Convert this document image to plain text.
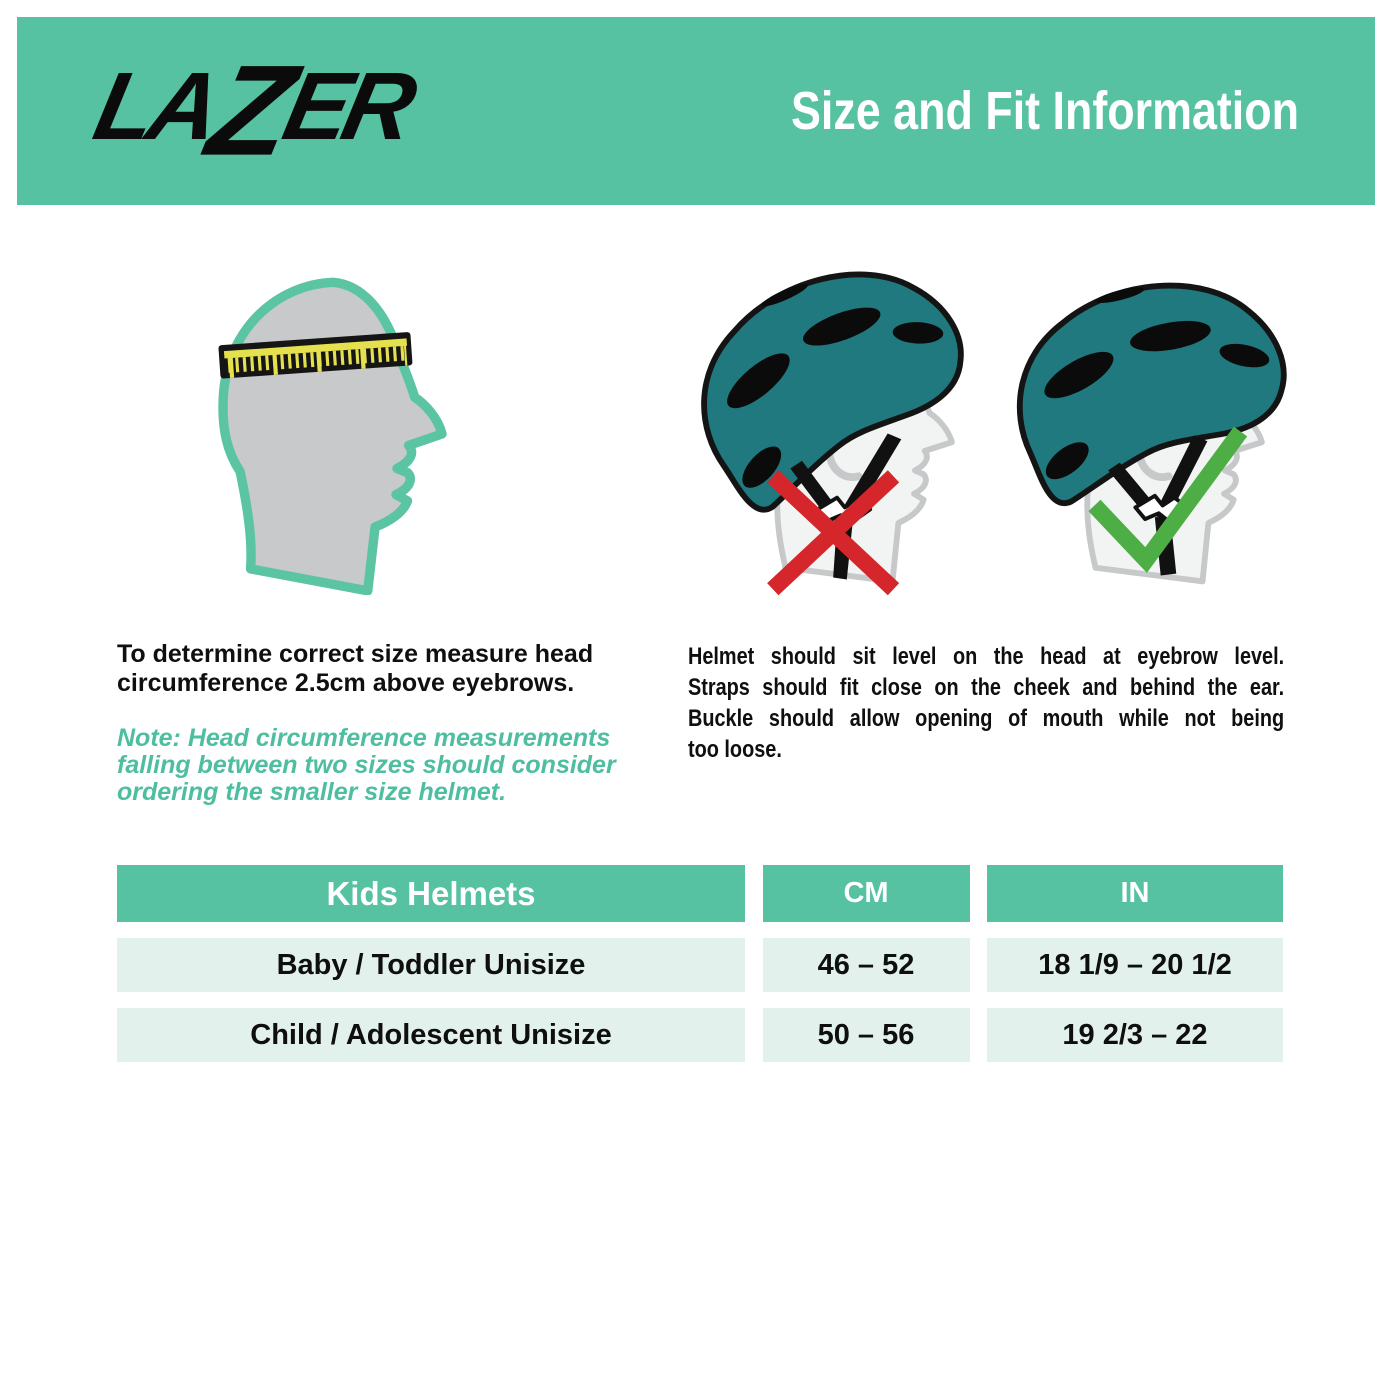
LAZER	Size and Fit Information
To determine correct size measure head
circumference 2.5cm above eyebrows.
Note: Head circumference measurements
falling between two sizes should consider
ordering the smaller size helmet.
Helmet should sit level on the head at eyebrow level.
Straps should fit close on the cheek and behind the ear.
Buckle should allow opening of mouth while not being
too loose.
Kids Helmets	CM	IN
Baby / Toddler Unisize	46 – 52	18 1/9 – 20 1/2
Child / Adolescent Unisize	50 – 56	19 2/3 – 22
